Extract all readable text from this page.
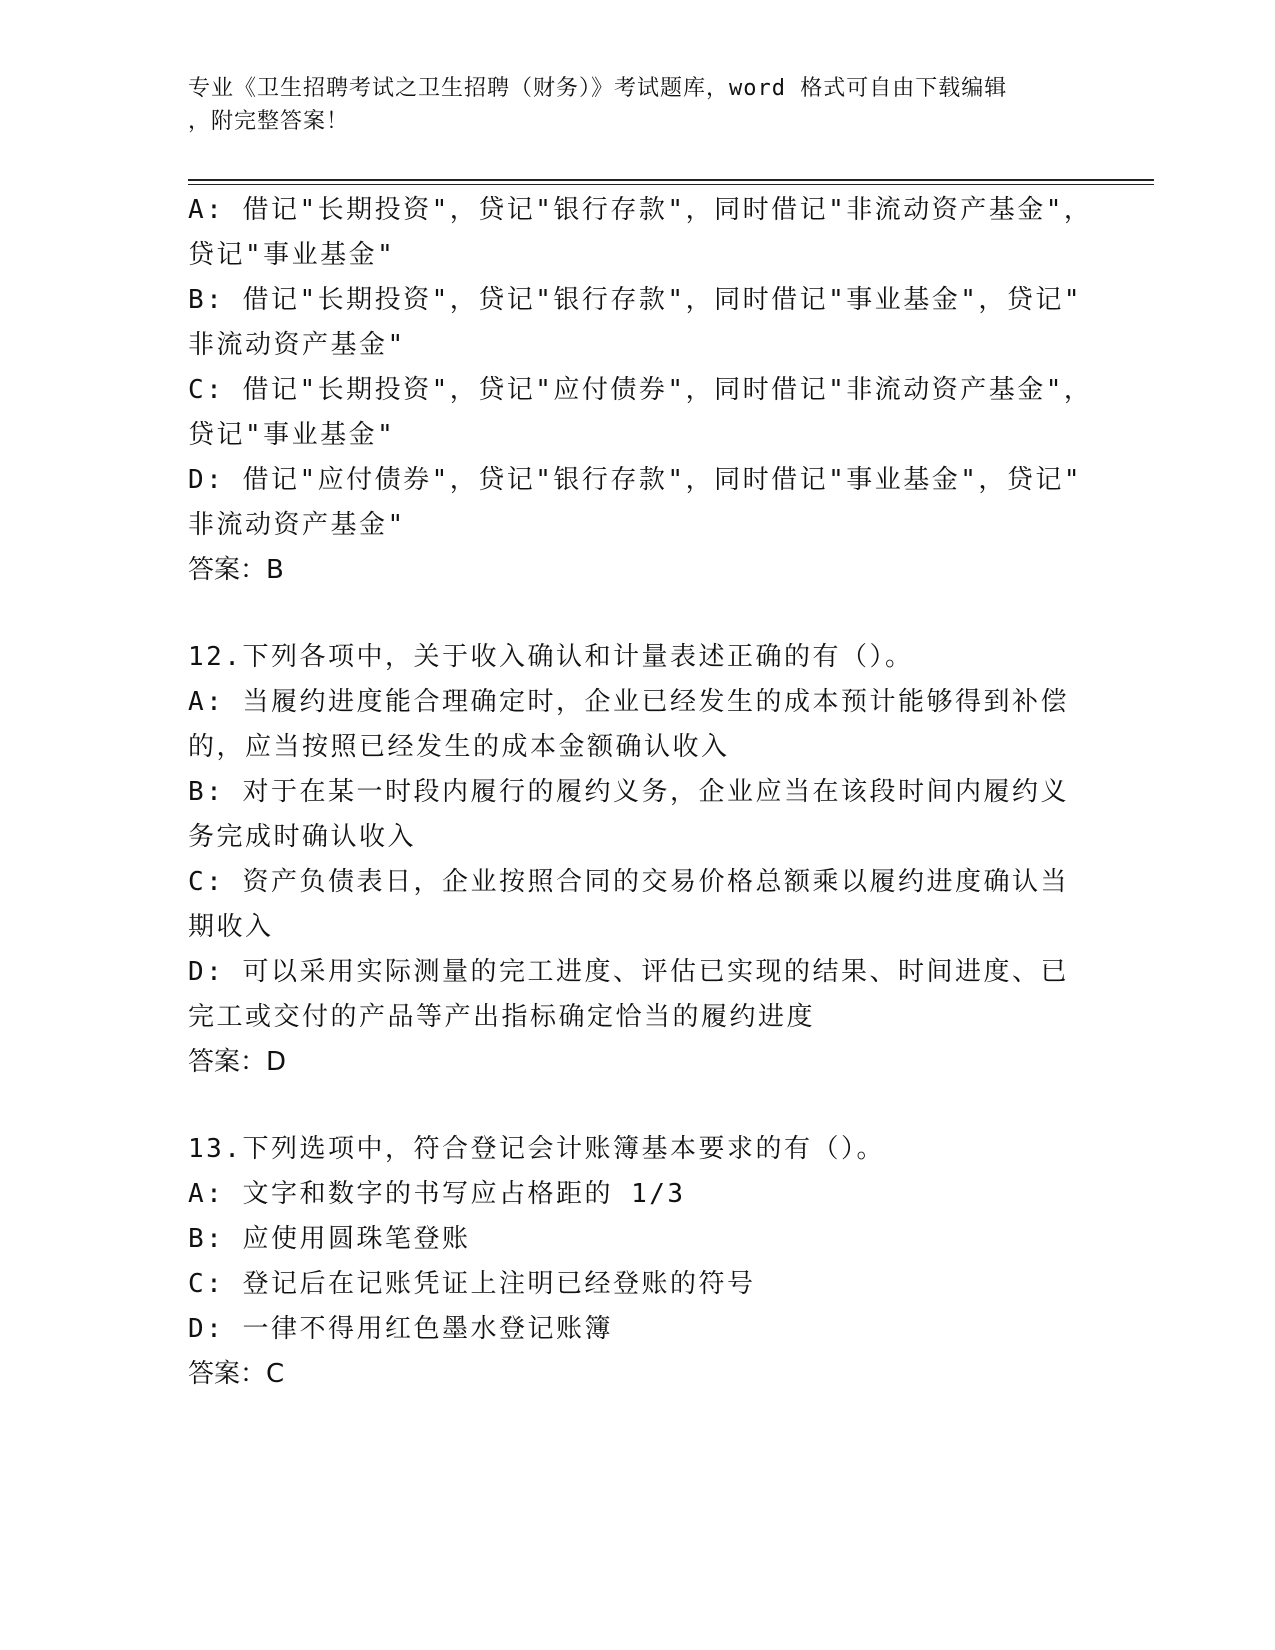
专业《卫生招聘考试之卫生招聘（财务）》考试题库，word 格式可自由下载编辑
，附完整答案！
A: 借记"长期投资"，贷记"银行存款"，同时借记"非流动资产基金"，
贷记"事业基金"
B: 借记"长期投资"，贷记"银行存款"，同时借记"事业基金"，贷记"
非流动资产基金"
C: 借记"长期投资"，贷记"应付债券"，同时借记"非流动资产基金"，
贷记"事业基金"
D: 借记"应付债券"，贷记"银行存款"，同时借记"事业基金"，贷记"
非流动资产基金"
答案：B
12.下列各项中，关于收入确认和计量表述正确的有（）。
A: 当履约进度能合理确定时，企业已经发生的成本预计能够得到补偿
的，应当按照已经发生的成本金额确认收入
B: 对于在某一时段内履行的履约义务，企业应当在该段时间内履约义
务完成时确认收入
C: 资产负债表日，企业按照合同的交易价格总额乘以履约进度确认当
期收入
D: 可以采用实际测量的完工进度、评估已实现的结果、时间进度、已
完工或交付的产品等产出指标确定恰当的履约进度
答案：D
13.下列选项中，符合登记会计账簿基本要求的有（）。
A: 文字和数字的书写应占格距的 1/3
B: 应使用圆珠笔登账
C: 登记后在记账凭证上注明已经登账的符号
D: 一律不得用红色墨水登记账簿
答案：C
